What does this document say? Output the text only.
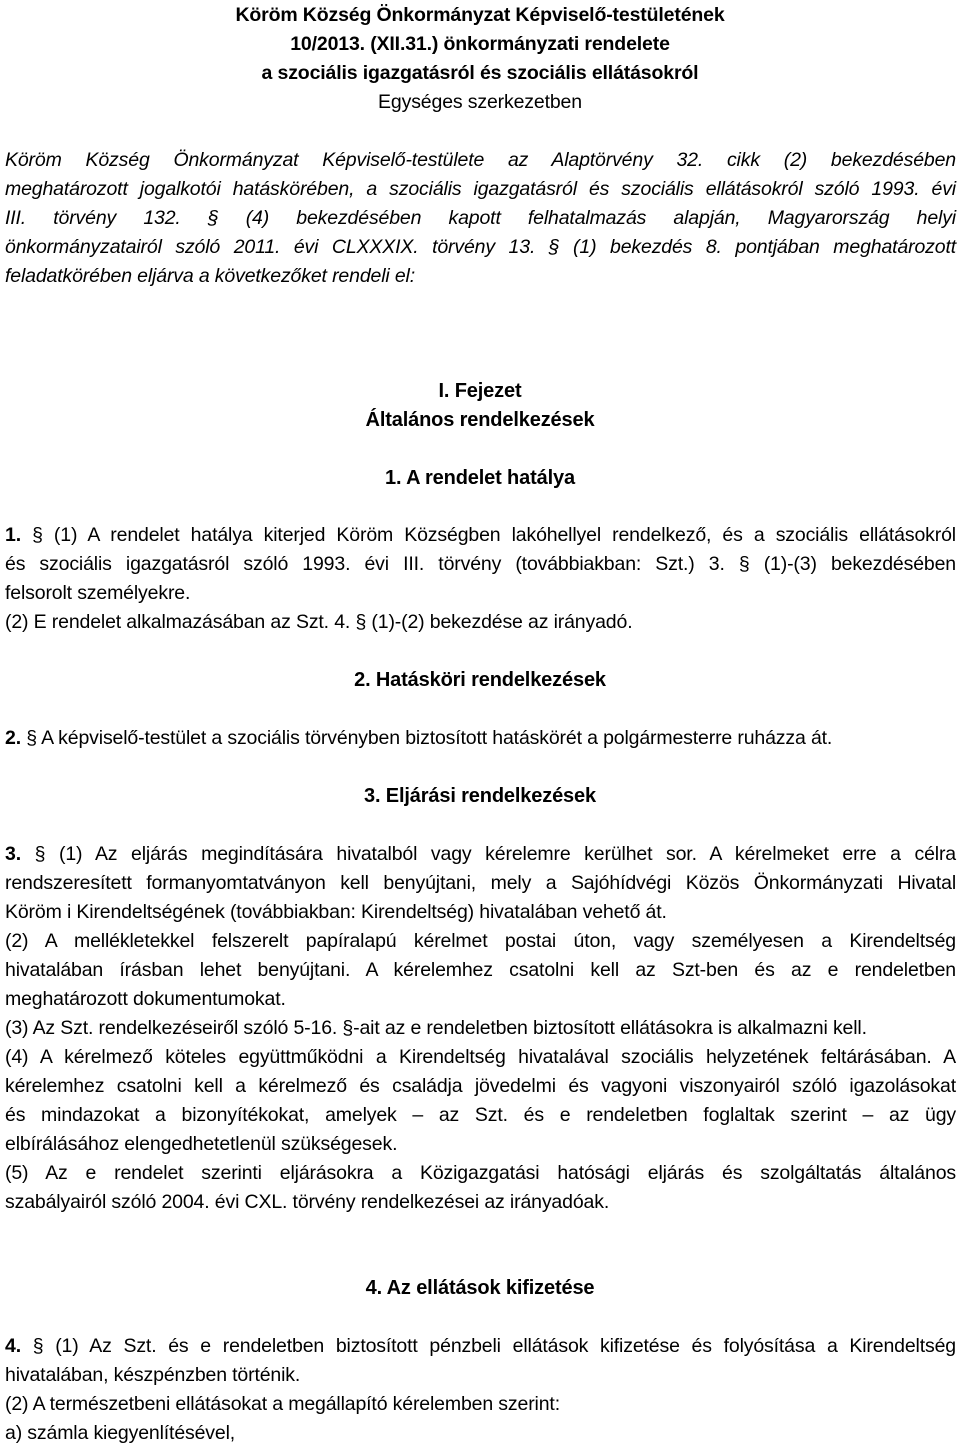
Köröm Község Önkormányzat Képviselő-testületének
10/2013. (XII.31.) önkormányzati rendelete
a szociális igazgatásról és szociális ellátásokról
Egységes szerkezetben
Köröm Község Önkormányzat Képviselő-testülete az Alaptörvény 32. cikk (2) bekezdésében
meghatározott jogalkotói hatáskörében, a szociális igazgatásról és szociális ellátásokról szóló 1993. évi
III. törvény 132. § (4) bekezdésében kapott felhatalmazás alapján, Magyarország helyi
önkormányzatairól szóló 2011. évi CLXXXIX. törvény 13. § (1) bekezdés 8. pontjában meghatározott
feladatkörében eljárva a következőket rendeli el:
I. Fejezet
Általános rendelkezések
1. A rendelet hatálya
1. § (1) A rendelet hatálya kiterjed Köröm Községben lakóhellyel rendelkező, és a szociális ellátásokról
és szociális igazgatásról szóló 1993. évi III. törvény (továbbiakban: Szt.) 3. § (1)-(3) bekezdésében
felsorolt személyekre.
(2) E rendelet alkalmazásában az Szt. 4. § (1)-(2) bekezdése az irányadó.
2. Hatásköri rendelkezések
2. § A képviselő-testület a szociális törvényben biztosított hatáskörét a polgármesterre ruházza át.
3. Eljárási rendelkezések
3. § (1) Az eljárás megindítására hivatalból vagy kérelemre kerülhet sor. A kérelmeket erre a célra
rendszeresített formanyomtatványon kell benyújtani, mely a Sajóhídvégi Közös Önkormányzati Hivatal
Köröm i Kirendeltségének (továbbiakban: Kirendeltség) hivatalában vehető át.
(2) A mellékletekkel felszerelt papíralapú kérelmet postai úton, vagy személyesen a Kirendeltség
hivatalában írásban lehet benyújtani. A kérelemhez csatolni kell az Szt-ben és az e rendeletben
meghatározott dokumentumokat.
(3) Az Szt. rendelkezéseiről szóló 5-16. §-ait az e rendeletben biztosított ellátásokra is alkalmazni kell.
(4) A kérelmező köteles együttműködni a Kirendeltség hivatalával szociális helyzetének feltárásában. A
kérelemhez csatolni kell a kérelmező és családja jövedelmi és vagyoni viszonyairól szóló igazolásokat
és mindazokat a bizonyítékokat, amelyek – az Szt. és e rendeletben foglaltak szerint – az ügy
elbírálásához elengedhetetlenül szükségesek.
(5) Az e rendelet szerinti eljárásokra a Közigazgatási hatósági eljárás és szolgáltatás általános
szabályairól szóló 2004. évi CXL. törvény rendelkezései az irányadóak.
4. Az ellátások kifizetése
4. § (1) Az Szt. és e rendeletben biztosított pénzbeli ellátások kifizetése és folyósítása a Kirendeltség
hivatalában, készpénzben történik.
(2) A természetbeni ellátásokat a megállapító kérelemben szerint:
a) számla kiegyenlítésével,
